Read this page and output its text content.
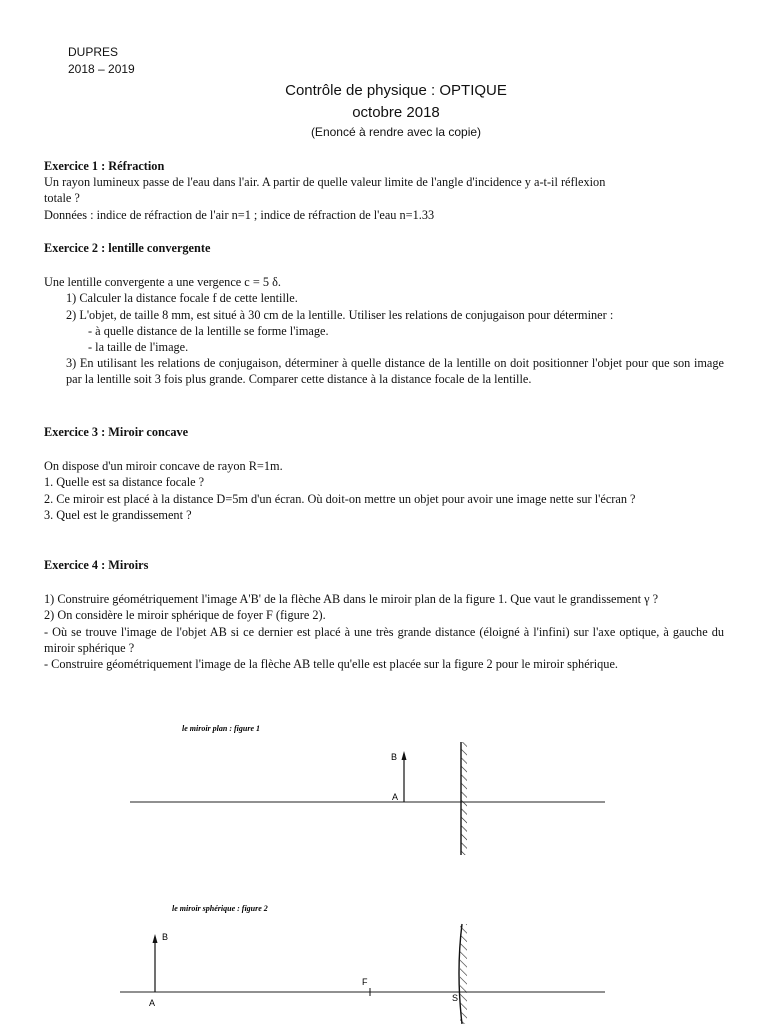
DUPRES
2018 – 2019
Contrôle de physique : OPTIQUE
octobre 2018
(Enoncé à rendre avec la copie)
Exercice 1 : Réfraction
Un rayon lumineux passe de l'eau dans l'air. A partir de quelle valeur limite de l'angle d'incidence y a-t-il réflexion
totale ?
Données : indice de réfraction de l'air n=1 ; indice de réfraction de l'eau n=1.33
Exercice 2 : lentille convergente
Une lentille convergente a une vergence c = 5 δ.
1) Calculer la distance focale f de cette lentille.
2) L'objet, de taille 8 mm, est situé à 30 cm de la lentille. Utiliser les relations de conjugaison pour déterminer :
- à quelle distance de la lentille se forme l'image.
- la taille de l'image.
3) En utilisant les relations de conjugaison, déterminer à quelle distance de la lentille on doit positionner l'objet pour que son image par la lentille soit 3 fois plus grande. Comparer cette distance à la distance focale de la lentille.
Exercice 3 : Miroir concave
On dispose d'un miroir concave de rayon R=1m.
1. Quelle est sa distance focale ?
2. Ce miroir est placé à la distance D=5m d'un écran. Où doit-on mettre un objet pour avoir une image nette sur l'écran ?
3. Quel est le grandissement ?
Exercice 4 : Miroirs
1) Construire géométriquement l'image A'B' de la flèche AB dans le miroir plan de la figure 1. Que vaut le grandissement γ ?
2) On considère le miroir sphérique de foyer F (figure 2).
- Où se trouve l'image de l'objet AB si ce dernier est placé à une très grande distance (éloigné à l'infini) sur l'axe optique, à gauche du miroir sphérique ?
- Construire géométriquement l'image de la flèche AB telle qu'elle est placée sur la figure 2 pour le miroir sphérique.
le miroir plan : figure 1
B
A
le miroir sphérique : figure 2
B
A
F
S
